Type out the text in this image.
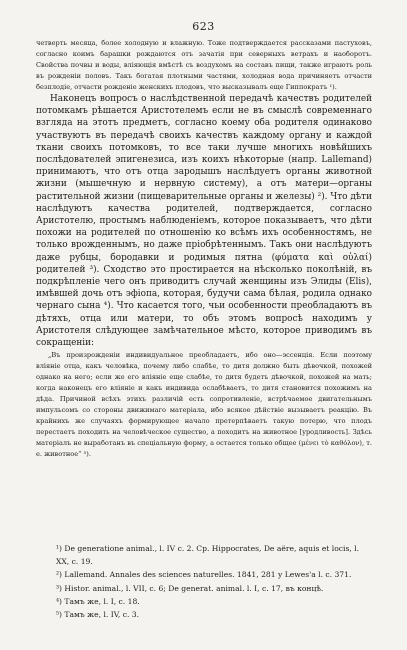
623

четверть месяца, более холодную и влажную. Тоже подтверждается рассказами пастуховъ, согласно коимъ барашки рождаются отъ зачатія при северныхъ ветрахъ и наоборотъ. Свойства почвы и воды, вліяющія вмѣстѣ съ воздухомъ на составъ пищи, также играютъ роль въ рожденіи половъ. Такъ богатая плотными частями, холодная вода причиняетъ отчасти безплодіе, отчасти рожденіе женскихъ плодовъ, что высказывалъ еще Гиппократъ ¹).

Наконецъ вопросъ о наслѣдственной передачѣ качествъ родителей потомкамъ рѣшается Аристотелемъ если не въ смыслѣ современнаго взгляда на этотъ предметъ, согласно коему оба родителя одинаково участвуютъ въ передачѣ своихъ качествъ каждому органу и каждой ткани своихъ потомковъ, то все таки лучше многихъ новѣйшихъ послѣдователей эпигенезиса, изъ коихъ нѣкоторые (напр. Lallemand) принимаютъ, что отъ отца зародышъ наслѣдуетъ органы животной жизни (мышечную и нервную систему), а отъ матери—органы растительной жизни (пищеварительные органы и железы) ²). Что дѣти наслѣдуютъ качества родителей, подтверждается, согласно Аристотелю, простымъ наблюденіемъ, которое показываетъ, что дѣти похожи на родителей по отношенію ко всѣмъ ихъ особенностямъ, не только врожденнымъ, но даже пріобрѣтеннымъ. Такъ они наслѣдуютъ даже рубцы, бородавки и родимыя пятна (φύματα καὶ οὐλαί) родителей ³). Сходство это простирается на нѣсколько поколѣній, въ подкрѣпленіе чего онъ приводитъ случай женщины изъ Элиды (Elis), имѣвшей дочь отъ эфіопа, которая, будучи сама бѣлая, родила однако чернаго сына ⁴). Что касается того, чьи особенности преобладаютъ въ дѣтяхъ, отца или матери, то объ этомъ вопросѣ находимъ у Аристотеля слѣдующее замѣчательное мѣсто, которое приводимъ въ сокращеніи:

„Въ произрожденіи индивидуальное преобладаетъ, ибо оно—эссенція. Если поэтому вліяніе отца, какъ человѣка, почему либо слабѣе, то дитя должно быть дѣвочкой, похожей однако на него; если же его вліяніе еще слабѣе, то дитя будетъ дѣвочкой, похожей на мать; когда наконецъ его вліяніе и какъ индивида ослабѣваетъ, то дитя становится похожимъ на дѣда. Причиной всѣхъ этихъ различій есть сопротивленіе, встрѣчаемое двигательнымъ импульсомъ со стороны движимаго матеріала, ибо всякое дѣйствіе вызываетъ реакцію. Въ крайнихъ же случаяхъ формирующее начало претерпѣваетъ такую потерю, что плодъ перестаетъ походить на человѣческое существо, а походитъ на животное [уродливость]. Здѣсь матеріалъ не выработанъ въ спеціальную форму, а остается только общее (μένει τὸ καθόλον), т. е. животное“ ⁵).

¹) De generatione animal., l. IV c. 2. Cp. Hippocrates, De aëre, aquis et locis, l. XX, c. 19.

²) Lallemand. Annales des sciences naturelles. 1841, 281 y Lewes'a l. c. 371.

³) Histor. animal., l. VII, c. 6; De generat. animal. l. I, c. 17, въ концѣ.

⁴) Тамъ же, l. I, c. 18.

⁵) Тамъ же, l. IV, c. 3.
